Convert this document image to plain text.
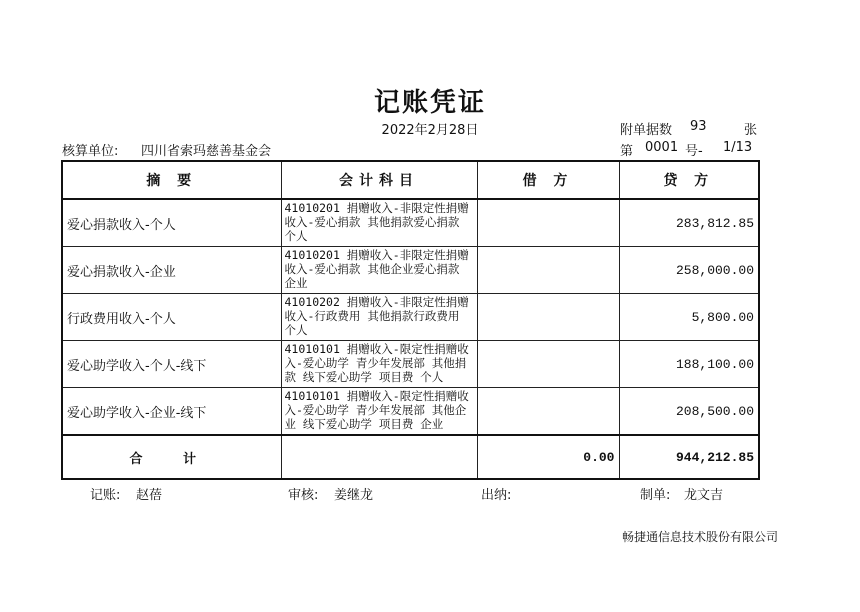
记账凭证
2022年2月28日	附单据数 93	张
核算单位: 四川省索玛慈善基金会	第 0001 号- 1/13
摘 要	会计科目	借 方	贷 方
爱心捐款收入-个人	41010201 捐赠收入-非限定性捐赠收入-爱心捐款 其他捐款爱心捐款 个人		283,812.85
爱心捐款收入-企业	41010201 捐赠收入-非限定性捐赠收入-爱心捐款 其他企业爱心捐款 企业		258,000.00
行政费用收入-个人	41010202 捐赠收入-非限定性捐赠收入-行政费用 其他捐款行政费用 个人		5,800.00
爱心助学收入-个人-线下	41010101 捐赠收入-限定性捐赠收入-爱心助学 青少年发展部 其他捐款 线下爱心助学 项目费 个人		188,100.00
爱心助学收入-企业-线下	41010101 捐赠收入-限定性捐赠收入-爱心助学 青少年发展部 其他企业 线下爱心助学 项目费 企业		208,500.00
合 计		0.00	944,212.85
记账: 赵蓓	审核: 姜继龙	出纳:	制单: 龙文吉
畅捷通信息技术股份有限公司
